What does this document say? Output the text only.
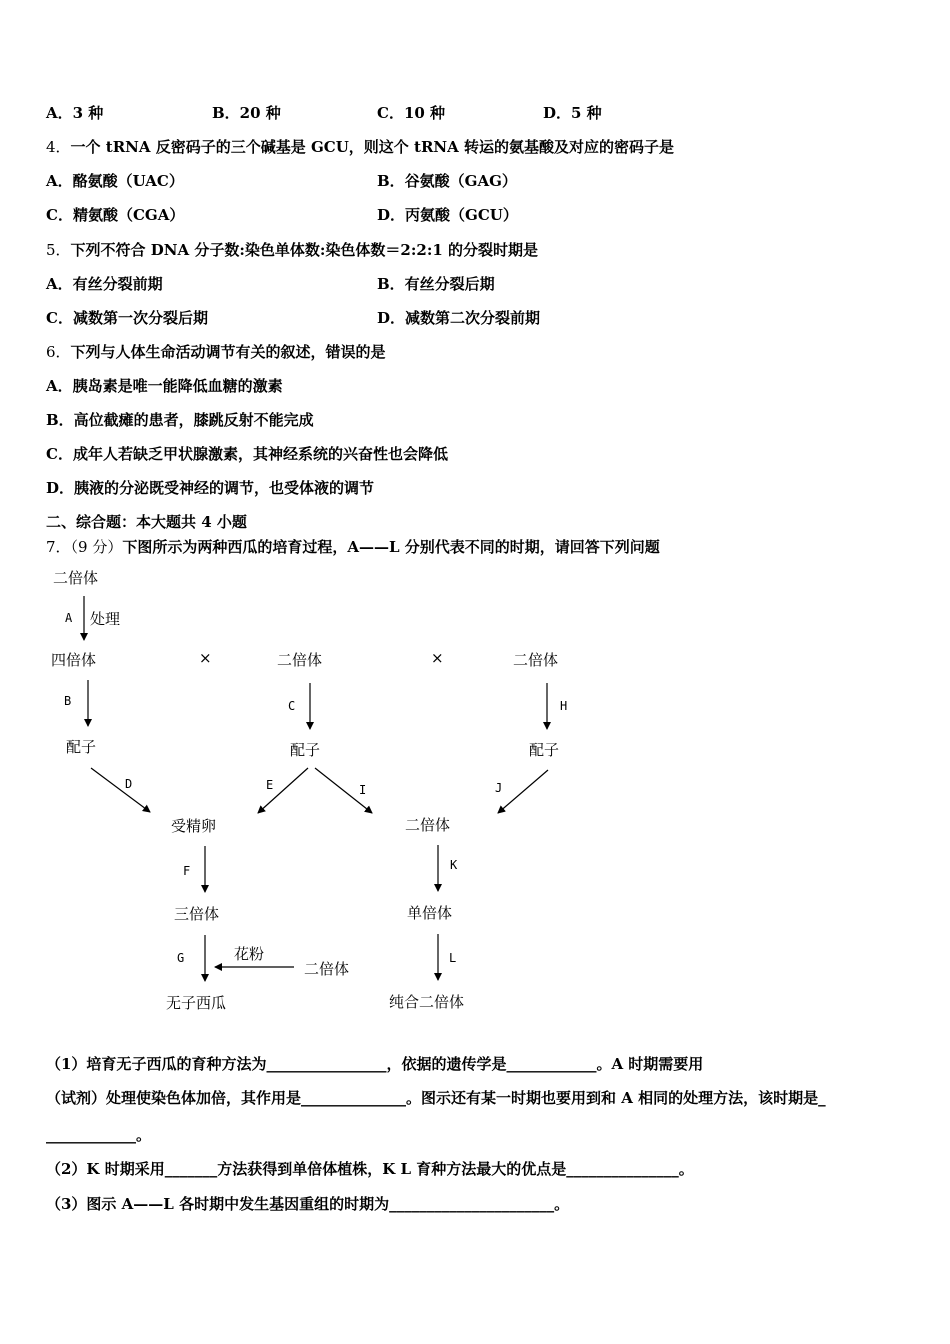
A．3 种	B．20 种	C．10 种	D．5 种
4．一个 tRNA 反密码子的三个碱基是 GCU，则这个 tRNA 转运的氨基酸及对应的密码子是
A．酪氨酸（UAC）	B．谷氨酸（GAG）
C．精氨酸（CGA）	D．丙氨酸（GCU）
5．下列不符合 DNA 分子数:染色单体数:染色体数＝2:2:1 的分裂时期是
A．有丝分裂前期	B．有丝分裂后期
C．减数第一次分裂后期	D．减数第二次分裂前期
6．下列与人体生命活动调节有关的叙述，错误的是
A．胰岛素是唯一能降低血糖的激素
B．高位截瘫的患者，膝跳反射不能完成
C．成年人若缺乏甲状腺激素，其神经系统的兴奋性也会降低
D．胰液的分泌既受神经的调节，也受体液的调节
二、综合题：本大题共 4 小题
7．（9 分）下图所示为两种西瓜的培育过程，A——L 分别代表不同的时期，请回答下列问题
二倍体
处理
四倍体	×	二倍体	×	二倍体
配子	配子	配子
受精卵	二倍体
三倍体	单倍体
花粉
二倍体
无子西瓜	纯合二倍体
A
B	C
D	E
F
G
H
I	J
K
L
（1）培育无子西瓜的育种方法为________________，依据的遗传学是____________。A 时期需要用
（试剂）处理使染色体加倍，其作用是______________。图示还有某一时期也要用到和 A 相同的处理方法，该时期是_
____________。
（2）K 时期采用_______方法获得到单倍体植株，K L 育种方法最大的优点是_______________。
（3）图示 A——L 各时期中发生基因重组的时期为______________________。
